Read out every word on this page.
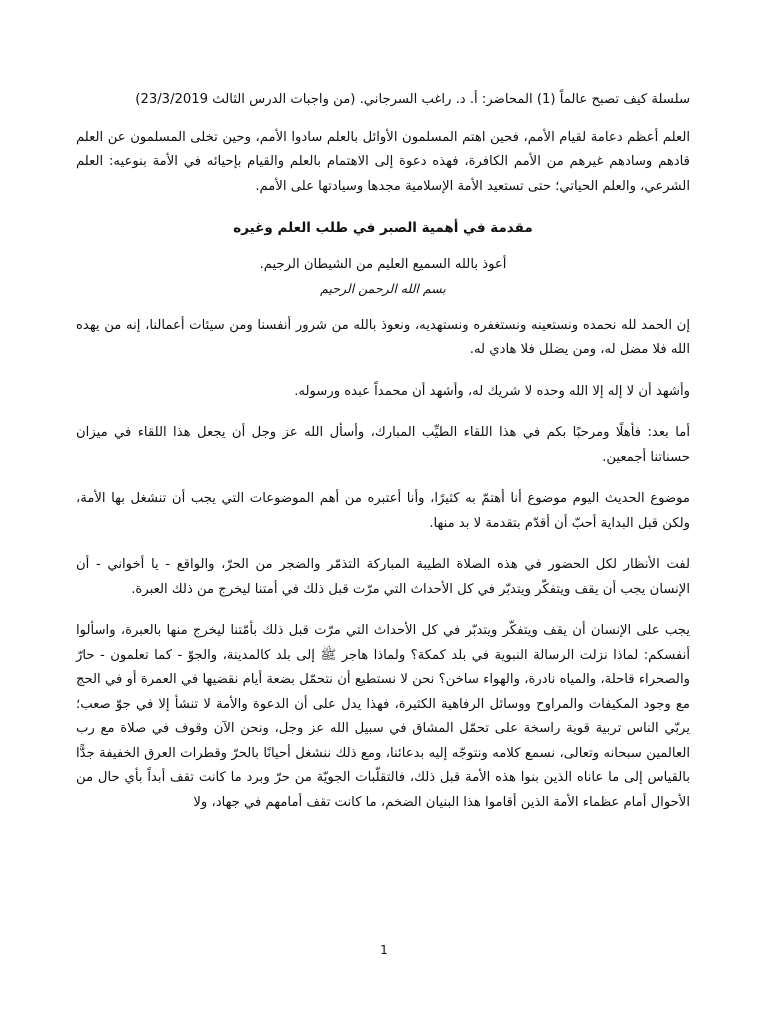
سلسلة كيف تصبح عالماً (1) المحاضر: أ. د. راغب السرجاني. (من واجبات الدرس الثالث 23/3/2019)
العلم أعظم دعامة لقيام الأمم، فحين اهتم المسلمون الأوائل بالعلم سادوا الأمم، وحين تخلى المسلمون عن العلم قادهم وسادهم غيرهم من الأمم الكافرة، فهذه دعوة إلى الاهتمام بالعلم والقيام بإحيائه في الأمة بنوعيه: العلم الشرعي، والعلم الحياتي؛ حتى تستعيد الأمة الإسلامية مجدها وسيادتها على الأمم.
مقدمة في أهمية الصبر في طلب العلم وغيره
أعوذ بالله السميع العليم من الشيطان الرجيم.
بسم الله الرحمن الرحيم
إن الحمد لله نحمده ونستعينه ونستغفره ونستهديه، ونعوذ بالله من شرور أنفسنا ومن سيئات أعمالنا، إنه من يهده الله فلا مضل له، ومن يضلل فلا هادي له.
وأشهد أن لا إله إلا الله وحده لا شريك له، وأشهد أن محمداً عبده ورسوله.
أما بعد: فأهلًا ومرحبًا بكم في هذا اللقاء الطيِّب المبارك، وأسأل الله عز وجل أن يجعل هذا اللقاء في ميزان حسناتنا أجمعين.
موضوع الحديث اليوم موضوع أنا أهتمّ به كثيرًا، وأنا أعتبره من أهم الموضوعات التي يجب أن تنشغل بها الأمة، ولكن قبل البداية أحبّ أن أقدّم بتقدمة لا بد منها.
لفت الأنظار لكل الحضور في هذه الصلاة الطيبة المباركة التذمّر والضجر من الحرّ، والواقع - يا أخواني - أن الإنسان يجب أن يقف ويتفكّر ويتدبّر في كل الأحداث التي مرّت قبل ذلك في أمتنا ليخرج من ذلك العبرة.
يجب على الإنسان أن يقف ويتفكّر ويتدبّر في كل الأحداث التي مرّت قبل ذلك بأمّتنا ليخرج منها بالعبرة، واسألوا أنفسكم: لماذا نزلت الرسالة النبوية في بلد كمكة؟ ولماذا هاجر ﷺ إلى بلد كالمدينة، والجوّ - كما تعلمون - حارّ والصحراء قاحلة، والمياه نادرة، والهواء ساخن؟ نحن لا نستطيع أن نتحمّل بضعة أيام نقضيها في العمرة أو في الحج مع وجود المكيفات والمراوح ووسائل الرفاهية الكثيرة، فهذا يدل على أن الدعوة والأمة لا تنشأ إلا في جوّ صعب؛ يربّي الناس تربية قوية راسخة على تحمّل المشاق في سبيل الله عز وجل، ونحن الآن وقوف في صلاة مع رب العالمين سبحانه وتعالى، نسمع كلامه ونتوجّه إليه بدعائنا، ومع ذلك ننشغل أحيانًا بالحرّ وقطرات العرق الخفيفة جدًّا بالقياس إلى ما عاناه الذين بنوا هذه الأمة قبل ذلك، فالتقلّبات الجويّة من حرّ وبرد ما كانت تقف أبداً بأي حال من الأحوال أمام عظماء الأمة الذين أقاموا هذا البنيان الضخم، ما كانت تقف أمامهم في جهاد، ولا
1
